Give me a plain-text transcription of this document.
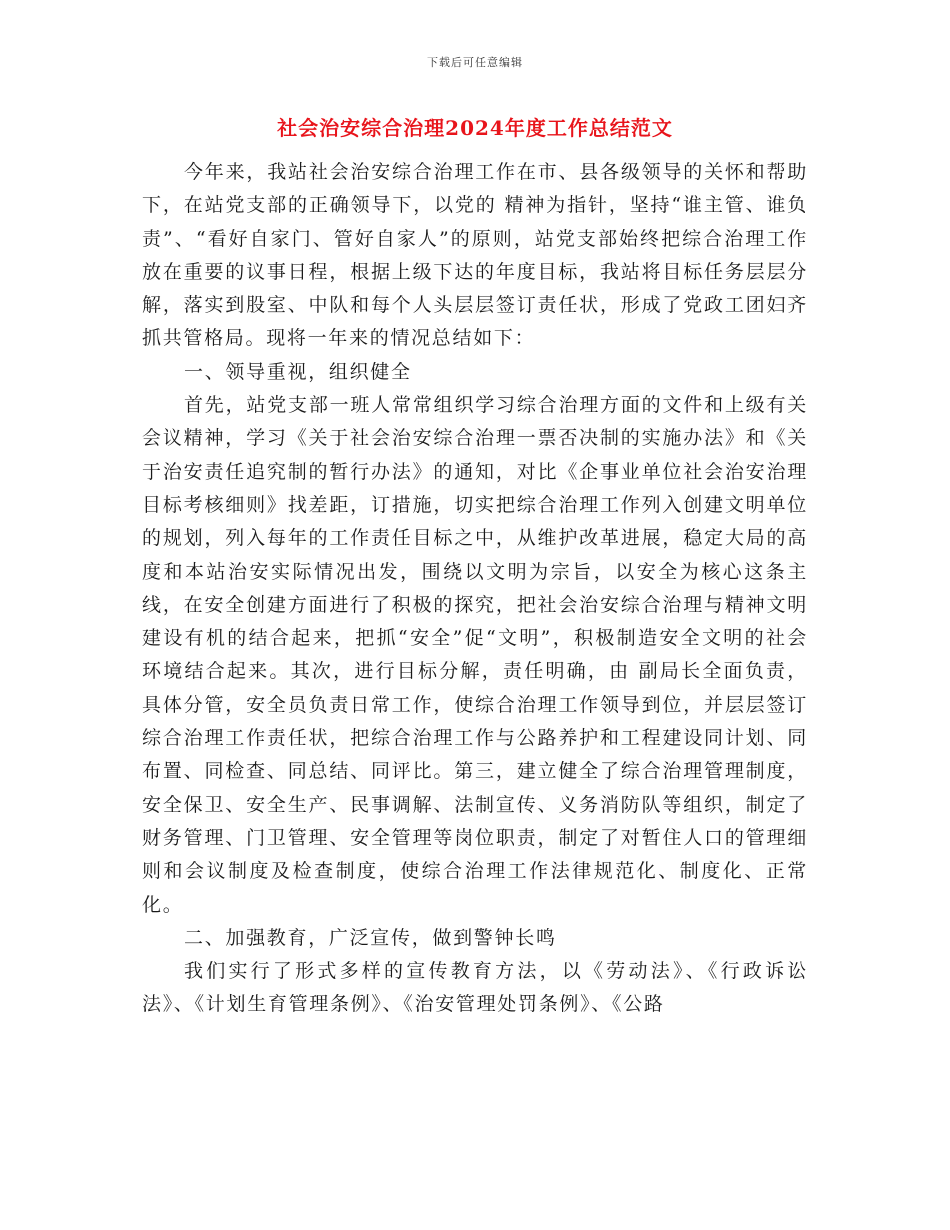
下载后可任意编辑
社会治安综合治理2024年度工作总结范文

今年来，我站社会治安综合治理工作在市、县各级领导的关怀和帮助下，在站党支部的正确领导下，以党的 精神为指针，坚持“谁主管、谁负责”、“看好自家门、管好自家人”的原则，站党支部始终把综合治理工作放在重要的议事日程，根据上级下达的年度目标，我站将目标任务层层分解，落实到股室、中队和每个人头层层签订责任状，形成了党政工团妇齐抓共管格局。现将一年来的情况总结如下：

一、领导重视，组织健全

首先，站党支部一班人常常组织学习综合治理方面的文件和上级有关会议精神，学习《关于社会治安综合治理一票否决制的实施办法》和《关于治安责任追究制的暂行办法》的通知，对比《企事业单位社会治安治理目标考核细则》找差距，订措施，切实把综合治理工作列入创建文明单位的规划，列入每年的工作责任目标之中，从维护改革进展，稳定大局的高度和本站治安实际情况出发，围绕以文明为宗旨，以安全为核心这条主线，在安全创建方面进行了积极的探究，把社会治安综合治理与精神文明建设有机的结合起来，把抓“安全”促“文明”，积极制造安全文明的社会环境结合起来。其次，进行目标分解，责任明确，由 副局长全面负责， 具体分管，安全员负责日常工作，使综合治理工作领导到位，并层层签订综合治理工作责任状，把综合治理工作与公路养护和工程建设同计划、同布置、同检查、同总结、同评比。第三，建立健全了综合治理管理制度，安全保卫、安全生产、民事调解、法制宣传、义务消防队等组织，制定了财务管理、门卫管理、安全管理等岗位职责，制定了对暂住人口的管理细则和会议制度及检查制度，使综合治理工作法律规范化、制度化、正常化。

二、加强教育，广泛宣传，做到警钟长鸣

我们实行了形式多样的宣传教育方法，以《劳动法》、《行政诉讼法》、《计划生育管理条例》、《治安管理处罚条例》、《公路
